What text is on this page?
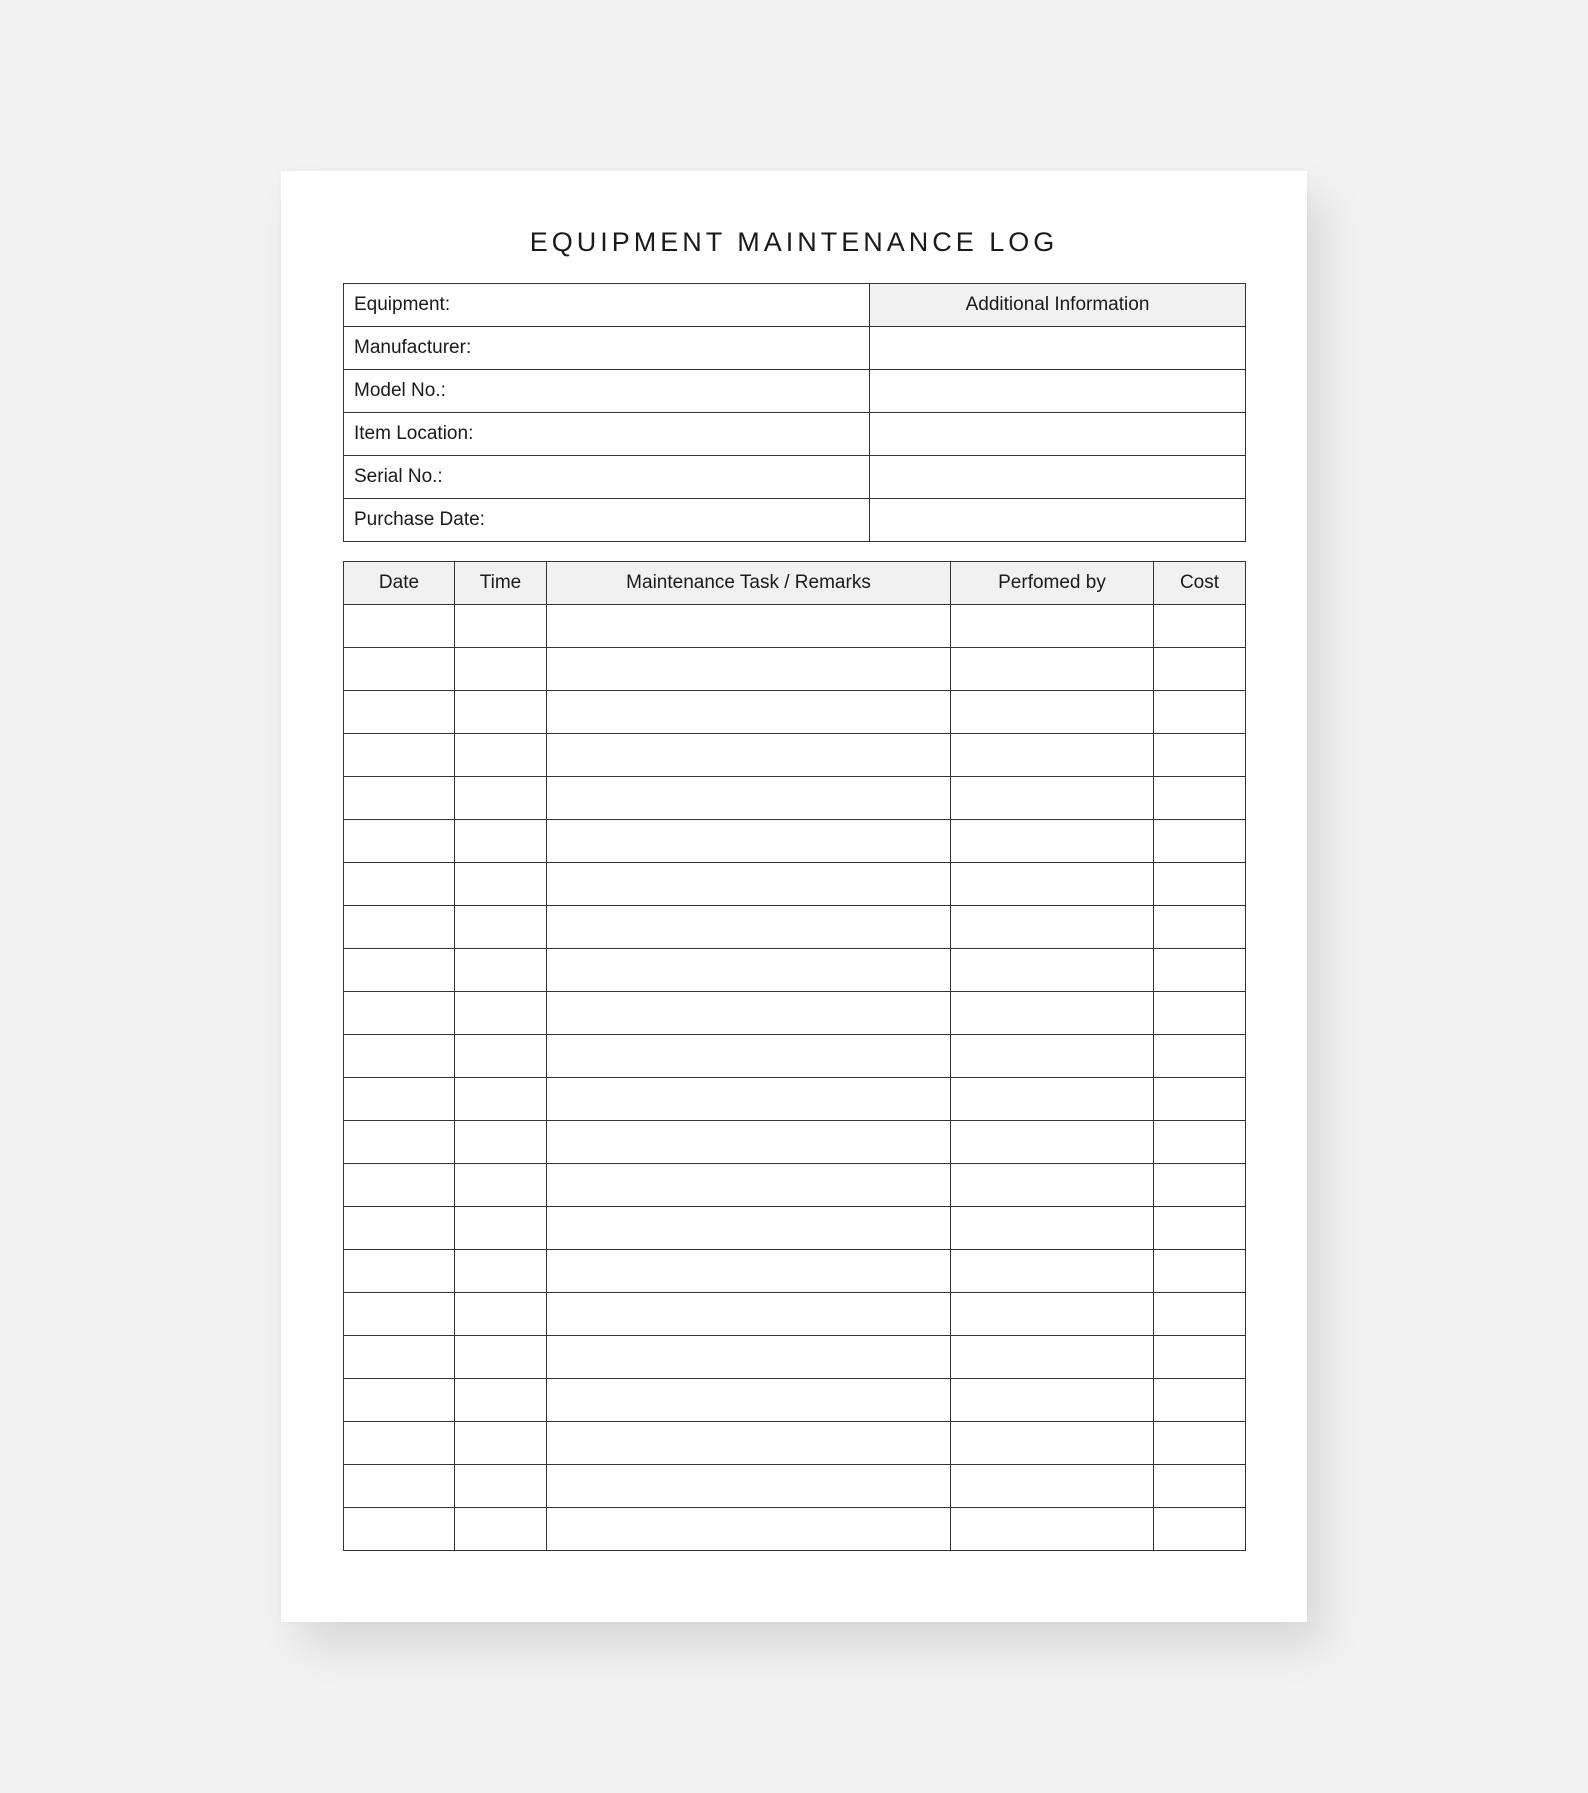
EQUIPMENT MAINTENANCE LOG
Equipment:	Additional Information
Manufacturer:	
Model No.:	
Item Location:	
Serial No.:	
Purchase Date:	
Date	Time	Maintenance Task / Remarks	Perfomed by	Cost
